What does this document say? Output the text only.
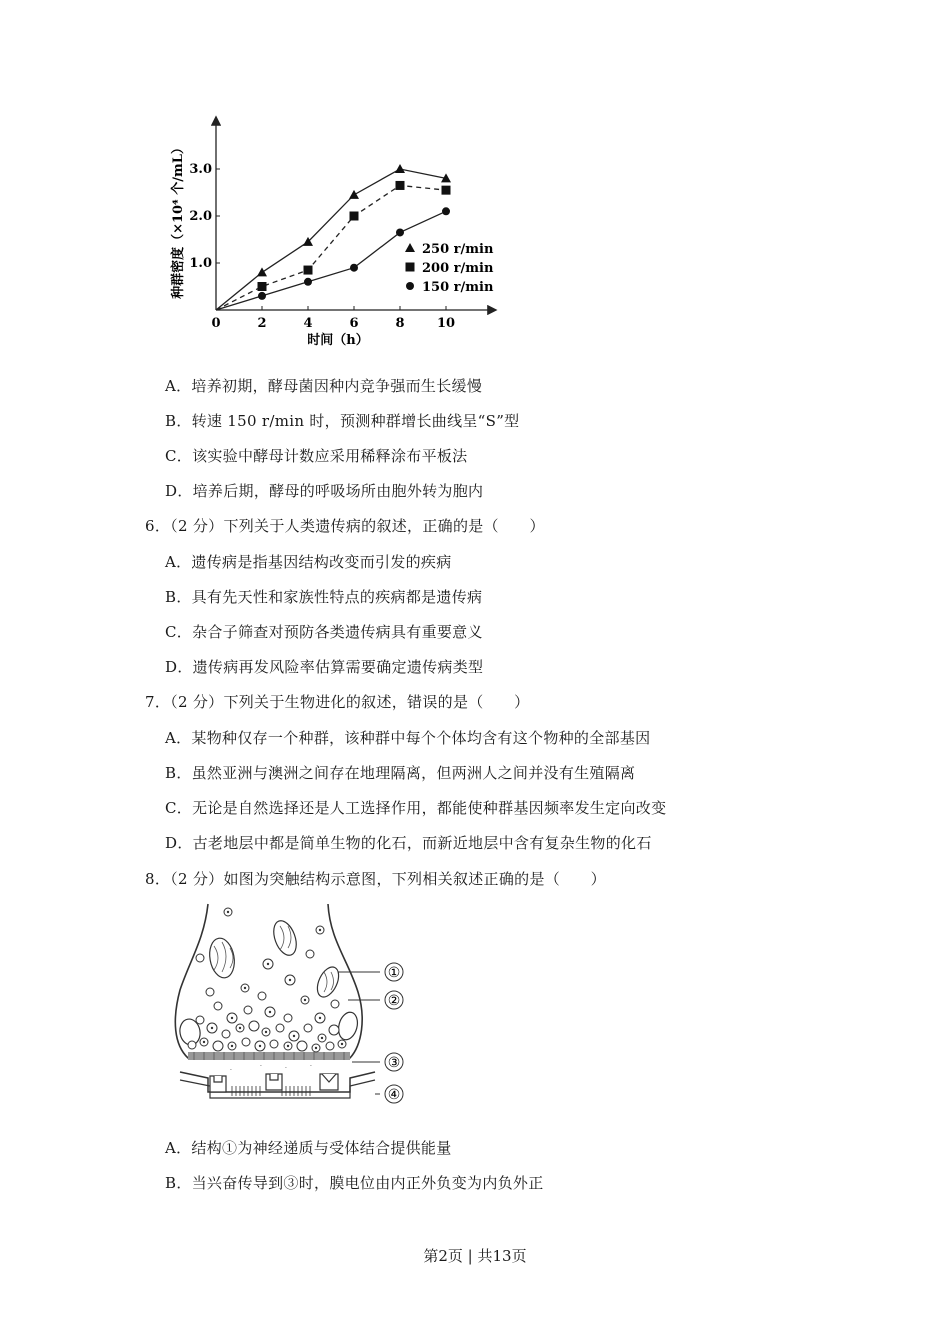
0	2	4	6	8 10
1.0
2.0
3.0
种群密度（×10⁴ 个/mL）
时间（h）
250 r/min
200 r/min
150 r/min
A．培养初期，酵母菌因种内竞争强而生长缓慢
B．转速 150 r/min 时，预测种群增长曲线呈“S”型
C．该实验中酵母计数应采用稀释涂布平板法
D．培养后期，酵母的呼吸场所由胞外转为胞内
6．（2 分）下列关于人类遗传病的叙述，正确的是（　　）
A．遗传病是指基因结构改变而引发的疾病
B．具有先天性和家族性特点的疾病都是遗传病
C．杂合子筛查对预防各类遗传病具有重要意义
D．遗传病再发风险率估算需要确定遗传病类型
7．（2 分）下列关于生物进化的叙述，错误的是（　　）
A．某物种仅存一个种群，该种群中每个个体均含有这个物种的全部基因
B．虽然亚洲与澳洲之间存在地理隔离，但两洲人之间并没有生殖隔离
C．无论是自然选择还是人工选择作用，都能使种群基因频率发生定向改变
D．古老地层中都是简单生物的化石，而新近地层中含有复杂生物的化石
8．（2 分）如图为突触结构示意图，下列相关叙述正确的是（　　）
·
·	·	·
①
②
③
④
A．结构①为神经递质与受体结合提供能量
B．当兴奋传导到③时，膜电位由内正外负变为内负外正
第2页 | 共13页
